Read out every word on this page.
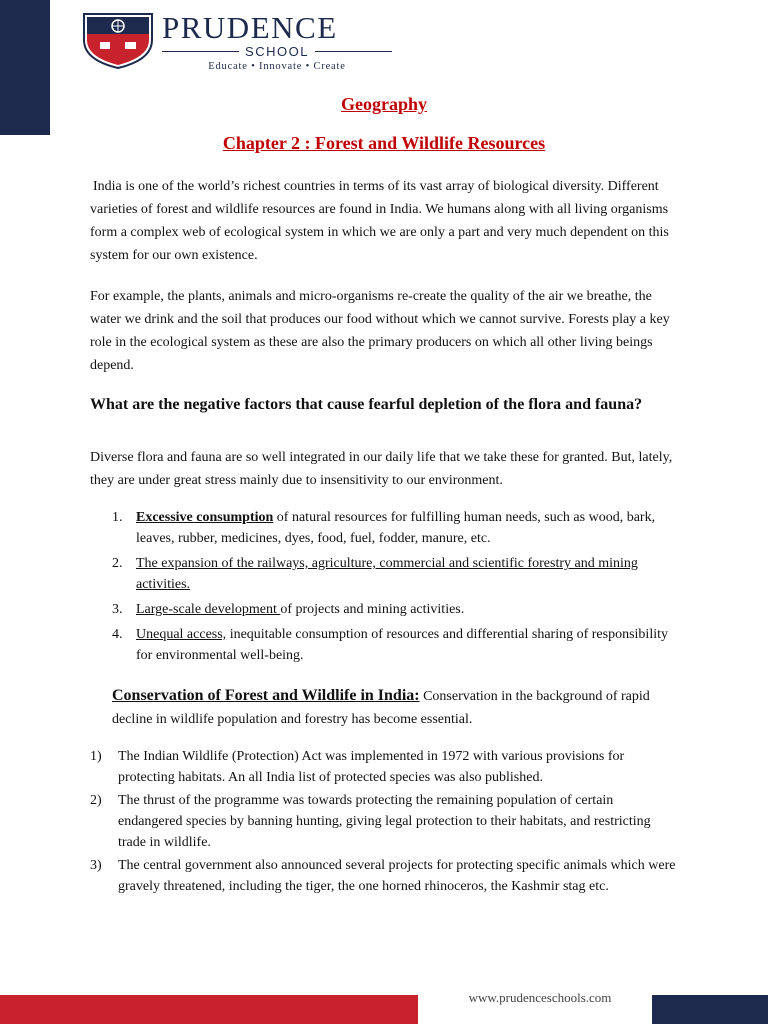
PRUDENCE
SCHOOL
Educate • Innovate • Create
Geography
Chapter 2 : Forest and Wildlife Resources
India is one of the world’s richest countries in terms of its vast array of biological diversity. Different varieties of forest and wildlife resources are found in India. We humans along with all living organisms form a complex web of ecological system in which we are only a part and very much dependent on this system for our own existence.
For example, the plants, animals and micro-organisms re-create the quality of the air we breathe, the water we drink and the soil that produces our food without which we cannot survive. Forests play a key role in the ecological system as these are also the primary producers on which all other living beings depend.
What are the negative factors that cause fearful depletion of the flora and fauna?
Diverse flora and fauna are so well integrated in our daily life that we take these for granted. But, lately, they are under great stress mainly due to insensitivity to our environment.
1. Excessive consumption of natural resources for fulfilling human needs, such as wood, bark, leaves, rubber, medicines, dyes, food, fuel, fodder, manure, etc.
2. The expansion of the railways, agriculture, commercial and scientific forestry and mining activities.
3. Large-scale development of projects and mining activities.
4. Unequal access, inequitable consumption of resources and differential sharing of responsibility for environmental well-being.
Conservation of Forest and Wildlife in India: Conservation in the background of rapid decline in wildlife population and forestry has become essential.
1) The Indian Wildlife (Protection) Act was implemented in 1972 with various provisions for protecting habitats. An all India list of protected species was also published.
2) The thrust of the programme was towards protecting the remaining population of certain endangered species by banning hunting, giving legal protection to their habitats, and restricting trade in wildlife.
3) The central government also announced several projects for protecting specific animals which were gravely threatened, including the tiger, the one horned rhinoceros, the Kashmir stag etc.
www.prudenceschools.com
